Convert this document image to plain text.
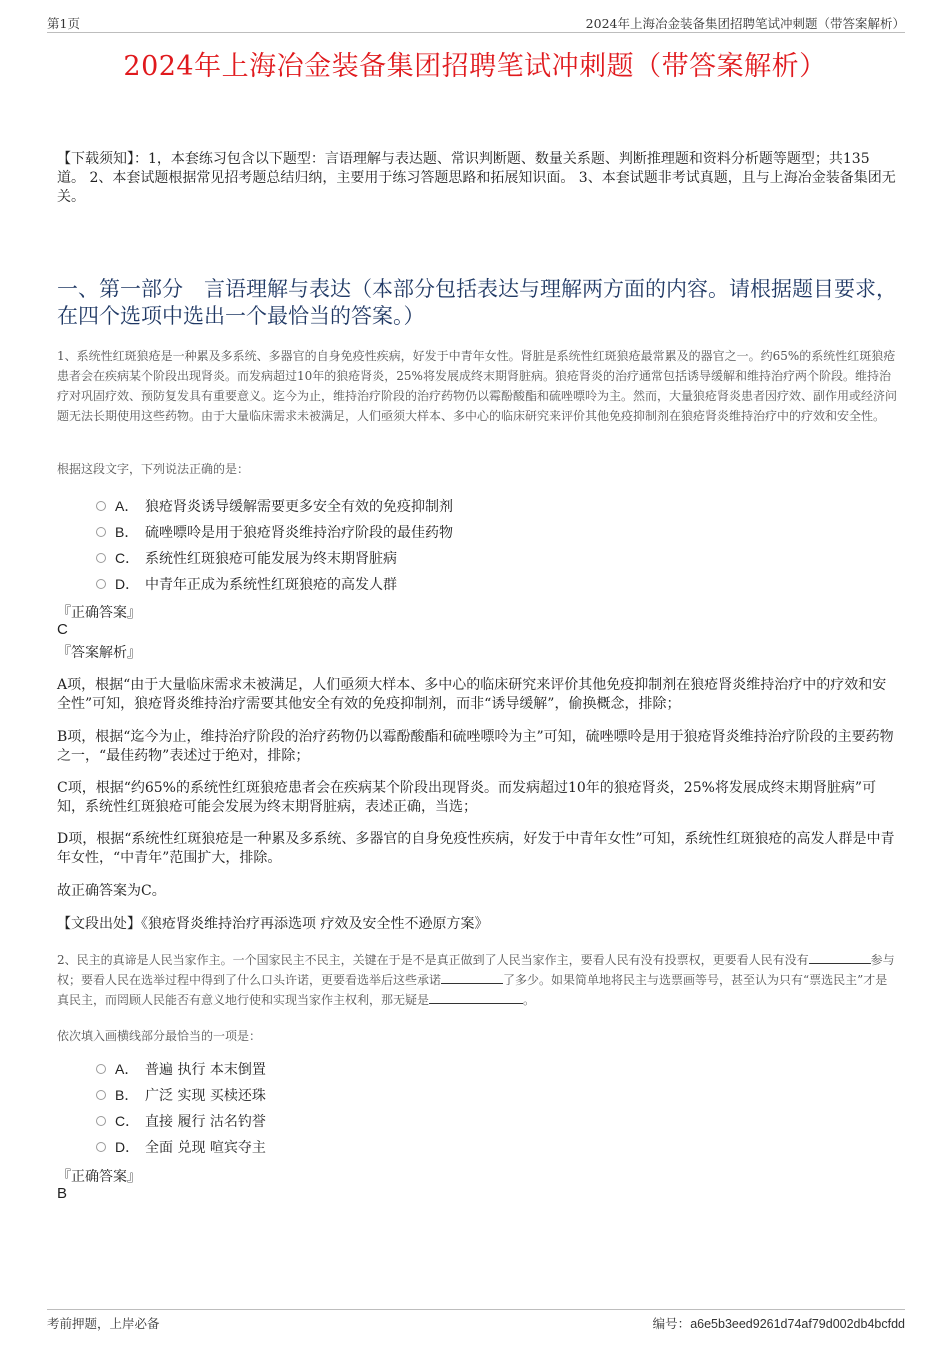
第1页	2024年上海冶金装备集团招聘笔试冲刺题（带答案解析）
2024年上海冶金装备集团招聘笔试冲刺题（带答案解析）
【下载须知】：1，本套练习包含以下题型：言语理解与表达题、常识判断题、数量关系题、判断推理题和资料分析题等题型；共135道。 2、本套试题根据常见招考题总结归纳，主要用于练习答题思路和拓展知识面。 3、本套试题非考试真题，且与上海冶金装备集团无关。
一、第一部分　言语理解与表达（本部分包括表达与理解两方面的内容。请根据题目要求，在四个选项中选出一个最恰当的答案。）
1、系统性红斑狼疮是一种累及多系统、多器官的自身免疫性疾病，好发于中青年女性。肾脏是系统性红斑狼疮最常累及的器官之一。约65%的系统性红斑狼疮患者会在疾病某个阶段出现肾炎。而发病超过10年的狼疮肾炎，25%将发展成终末期肾脏病。狼疮肾炎的治疗通常包括诱导缓解和维持治疗两个阶段。维持治疗对巩固疗效、预防复发具有重要意义。迄今为止，维持治疗阶段的治疗药物仍以霉酚酸酯和硫唑嘌呤为主。然而，大量狼疮肾炎患者因疗效、副作用或经济问题无法长期使用这些药物。由于大量临床需求未被满足，人们亟须大样本、多中心的临床研究来评价其他免疫抑制剂在狼疮肾炎维持治疗中的疗效和安全性。
根据这段文字，下列说法正确的是：
A． 狼疮肾炎诱导缓解需要更多安全有效的免疫抑制剂
B． 硫唑嘌呤是用于狼疮肾炎维持治疗阶段的最佳药物
C． 系统性红斑狼疮可能发展为终末期肾脏病
D． 中青年正成为系统性红斑狼疮的高发人群
『正确答案』
C
『答案解析』

A项，根据“由于大量临床需求未被满足，人们亟须大样本、多中心的临床研究来评价其他免疫抑制剂在狼疮肾炎维持治疗中的疗效和安全性”可知，狼疮肾炎维持治疗需要其他安全有效的免疫抑制剂，而非“诱导缓解”，偷换概念，排除；

B项，根据“迄今为止，维持治疗阶段的治疗药物仍以霉酚酸酯和硫唑嘌呤为主”可知，硫唑嘌呤是用于狼疮肾炎维持治疗阶段的主要药物之一，“最佳药物”表述过于绝对，排除；

C项，根据“约65%的系统性红斑狼疮患者会在疾病某个阶段出现肾炎。而发病超过10年的狼疮肾炎，25%将发展成终末期肾脏病”可知，系统性红斑狼疮可能会发展为终末期肾脏病，表述正确，当选；

D项，根据“系统性红斑狼疮是一种累及多系统、多器官的自身免疫性疾病，好发于中青年女性”可知，系统性红斑狼疮的高发人群是中青年女性，“中青年”范围扩大，排除。

故正确答案为C。

【文段出处】《狼疮肾炎维持治疗再添选项 疗效及安全性不逊原方案》

2、民主的真谛是人民当家作主。一个国家民主不民主，关键在于是不是真正做到了人民当家作主，要看人民有没有投票权，更要看人民有没有	参与权；要看人民在选举过程中得到了什么口头许诺，更要看选举后这些承诺	了多少。如果简单地将民主与选票画等号，甚至认为只有“票选民主”才是真民主，而罔顾人民能否有意义地行使和实现当家作主权利，那无疑是	。
依次填入画横线部分最恰当的一项是：
A． 普遍 执行 本末倒置
B． 广泛 实现 买椟还珠
C． 直接 履行 沽名钓誉
D． 全面 兑现 喧宾夺主
『正确答案』
B
考前押题，上岸必备	编号：a6e5b3eed9261d74af79d002db4bcfdd
